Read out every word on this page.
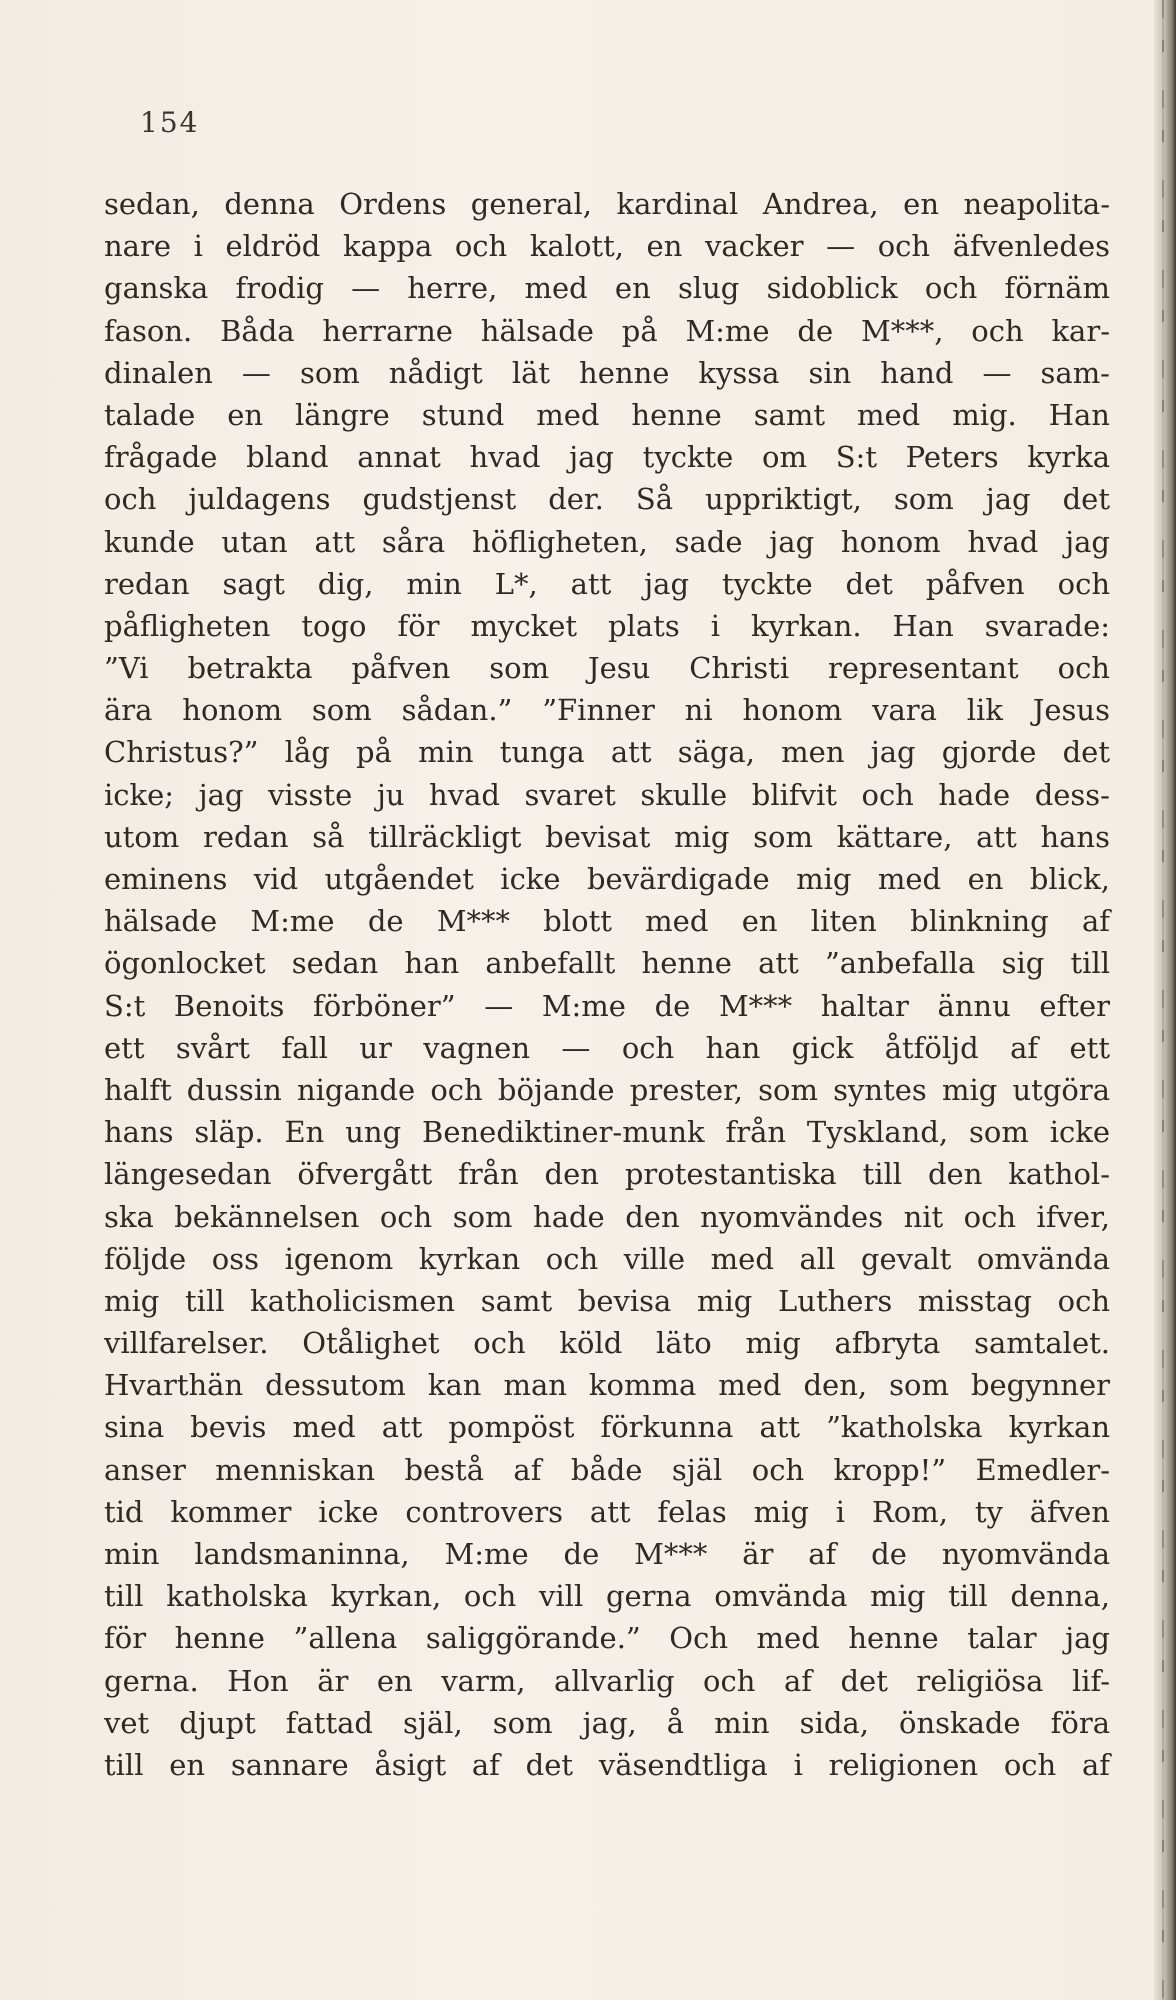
154
sedan, denna Ordens general, kardinal Andrea, en neapolita-
nare i eldröd kappa och kalott, en vacker — och äfvenledes
ganska frodig — herre, med en slug sidoblick och förnäm
fason. Båda herrarne hälsade på M:me de M***, och kar-
dinalen — som nådigt lät henne kyssa sin hand — sam-
talade en längre stund med henne samt med mig. Han
frågade bland annat hvad jag tyckte om S:t Peters kyrka
och juldagens gudstjenst der. Så uppriktigt, som jag det
kunde utan att såra höfligheten, sade jag honom hvad jag
redan sagt dig, min L*, att jag tyckte det påfven och
påfligheten togo för mycket plats i kyrkan. Han svarade:
”Vi betrakta påfven som Jesu Christi representant och
ära honom som sådan.” ”Finner ni honom vara lik Jesus
Christus?” låg på min tunga att säga, men jag gjorde det
icke; jag visste ju hvad svaret skulle blifvit och hade dess-
utom redan så tillräckligt bevisat mig som kättare, att hans
eminens vid utgåendet icke bevärdigade mig med en blick,
hälsade M:me de M*** blott med en liten blinkning af
ögonlocket sedan han anbefallt henne att ”anbefalla sig till
S:t Benoits förböner” — M:me de M*** haltar ännu efter
ett svårt fall ur vagnen — och han gick åtföljd af ett
halft dussin nigande och böjande prester, som syntes mig utgöra
hans släp. En ung Benediktiner-munk från Tyskland, som icke
längesedan öfvergått från den protestantiska till den kathol-
ska bekännelsen och som hade den nyomvändes nit och ifver,
följde oss igenom kyrkan och ville med all gevalt omvända
mig till katholicismen samt bevisa mig Luthers misstag och
villfarelser. Otålighet och köld läto mig afbryta samtalet.
Hvarthän dessutom kan man komma med den, som begynner
sina bevis med att pompöst förkunna att ”katholska kyrkan
anser menniskan bestå af både själ och kropp!” Emedler-
tid kommer icke controvers att felas mig i Rom, ty äfven
min landsmaninna, M:me de M*** är af de nyomvända
till katholska kyrkan, och vill gerna omvända mig till denna,
för henne ”allena saliggörande.” Och med henne talar jag
gerna. Hon är en varm, allvarlig och af det religiösa lif-
vet djupt fattad själ, som jag, å min sida, önskade föra
till en sannare åsigt af det väsendtliga i religionen och af
